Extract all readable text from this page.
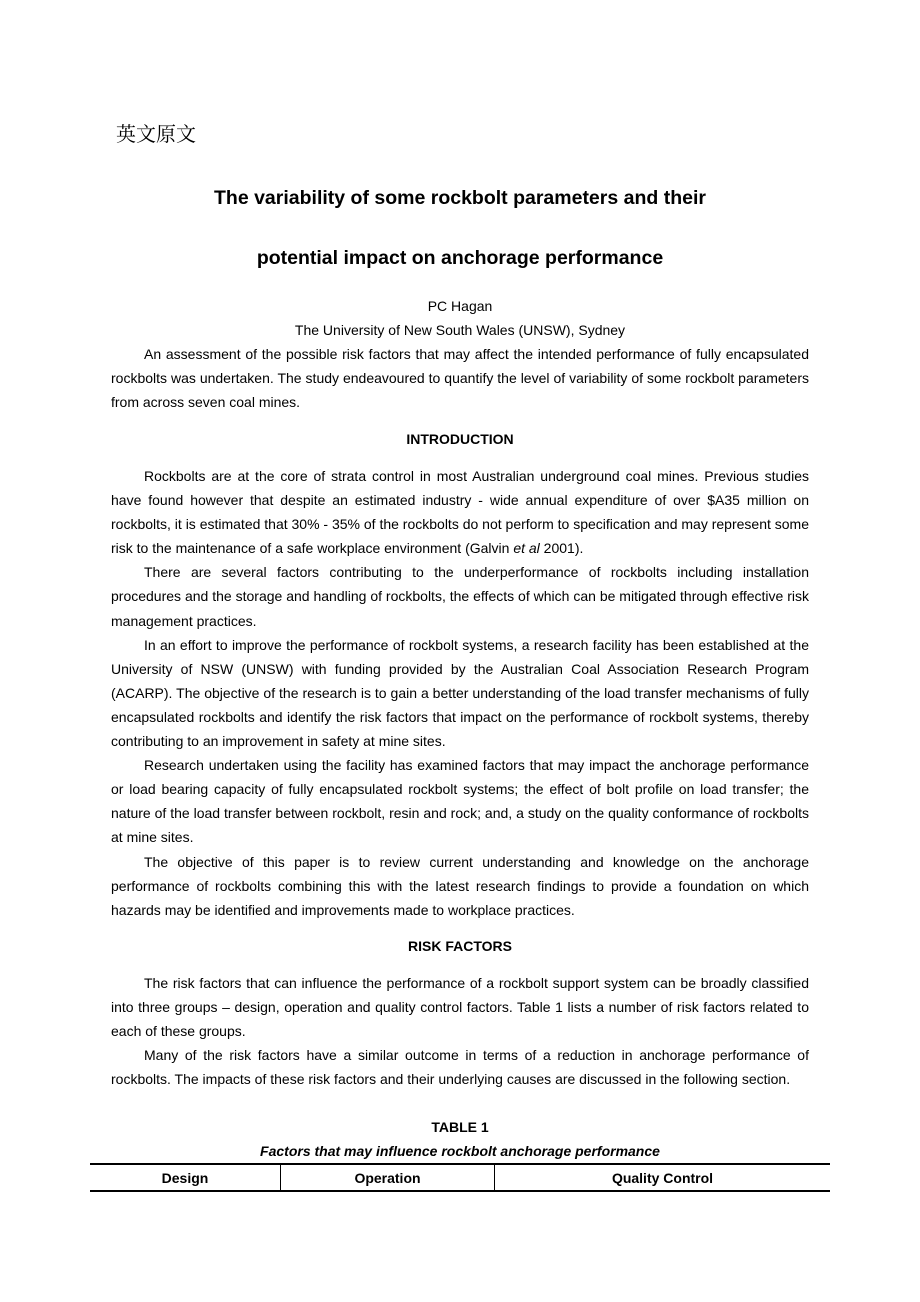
英文原文
The variability of some rockbolt parameters and their
potential impact on anchorage performance
PC Hagan
The University of New South Wales (UNSW), Sydney

An assessment of the possible risk factors that may affect the intended performance of fully encapsulated rockbolts was undertaken. The study endeavoured to quantify the level of variability of some rockbolt parameters from across seven coal mines.

INTRODUCTION

Rockbolts are at the core of strata control in most Australian underground coal mines. Previous studies have found however that despite an estimated industry - wide annual expenditure of over $A35 million on rockbolts, it is estimated that 30% - 35% of the rockbolts do not perform to specification and may represent some risk to the maintenance of a safe workplace environment (Galvin et al 2001).

There are several factors contributing to the underperformance of rockbolts including installation procedures and the storage and handling of rockbolts, the effects of which can be mitigated through effective risk management practices.

In an effort to improve the performance of rockbolt systems, a research facility has been established at the University of NSW (UNSW) with funding provided by the Australian Coal Association Research Program (ACARP). The objective of the research is to gain a better understanding of the load transfer mechanisms of fully encapsulated rockbolts and identify the risk factors that impact on the performance of rockbolt systems, thereby contributing to an improvement in safety at mine sites.

Research undertaken using the facility has examined factors that may impact the anchorage performance or load bearing capacity of fully encapsulated rockbolt systems; the effect of bolt profile on load transfer; the nature of the load transfer between rockbolt, resin and rock; and, a study on the quality conformance of rockbolts at mine sites.

The objective of this paper is to review current understanding and knowledge on the anchorage performance of rockbolts combining this with the latest research findings to provide a foundation on which hazards may be identified and improvements made to workplace practices.

RISK FACTORS

The risk factors that can influence the performance of a rockbolt support system can be broadly classified into three groups – design, operation and quality control factors. Table 1 lists a number of risk factors related to each of these groups.

Many of the risk factors have a similar outcome in terms of a reduction in anchorage performance of rockbolts. The impacts of these risk factors and their underlying causes are discussed in the following section.

TABLE 1
Factors that may influence rockbolt anchorage performance
Design	Operation	Quality Control
